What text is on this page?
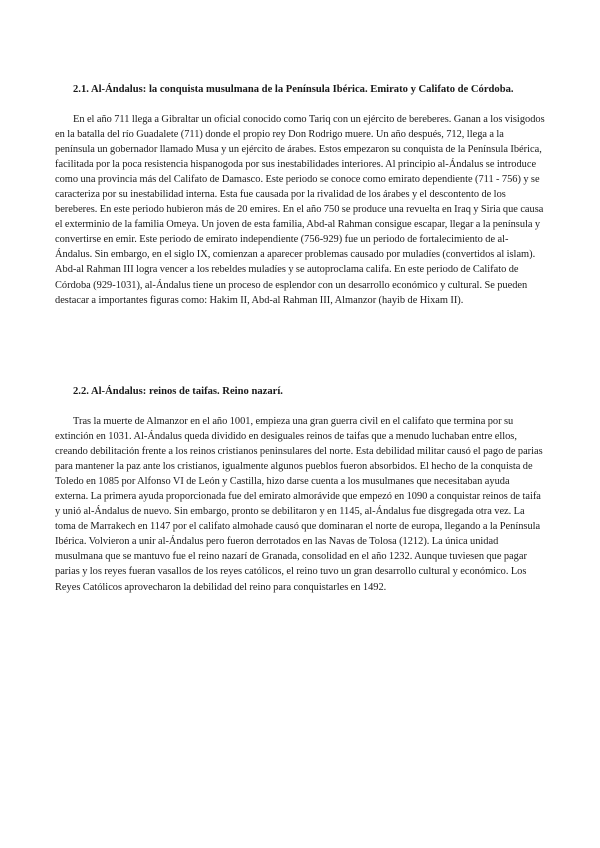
2.1. Al-Ándalus: la conquista musulmana de la Península Ibérica. Emirato y Califato de Córdoba.

En el año 711 llega a Gibraltar un oficial conocido como Tariq con un ejército de bereberes. Ganan a los visigodos en la batalla del río Guadalete (711) donde el propio rey Don Rodrigo muere. Un año después, 712, llega a la península un gobernador llamado Musa y un ejército de árabes. Estos empezaron su conquista de la Península Ibérica, facilitada por la poca resistencia hispanogoda por sus inestabilidades interiores. Al principio al-Ándalus se introduce como una provincia más del Califato de Damasco. Este periodo se conoce como emirato dependiente (711 - 756) y se caracteriza por su inestabilidad interna. Esta fue causada por la rivalidad de los árabes y el descontento de los bereberes. En este periodo hubieron más de 20 emires. En el año 750 se produce una revuelta en Iraq y Siria que causa el exterminio de la familia Omeya. Un joven de esta familia, Abd-al Rahman consigue escapar, llegar a la península y convertirse en emir. Este periodo de emirato independiente (756-929) fue un periodo de fortalecimiento de al-Ándalus. Sin embargo, en el siglo IX, comienzan a aparecer problemas causado por muladíes (convertidos al islam). Abd-al Rahman III logra vencer a los rebeldes muladíes y se autoproclama califa. En este periodo de Califato de Córdoba (929-1031), al-Ándalus tiene un proceso de esplendor con un desarrollo económico y cultural. Se pueden destacar a importantes figuras como: Hakim II, Abd-al Rahman III, Almanzor (hayib de Hixam II).

2.2. Al-Ándalus: reinos de taifas. Reino nazarí.

Tras la muerte de Almanzor en el año 1001, empieza una gran guerra civil en el califato que termina por su extinción en 1031. Al-Ándalus queda dividido en desiguales reinos de taifas que a menudo luchaban entre ellos, creando debilitación frente a los reinos cristianos peninsulares del norte. Esta debilidad militar causó el pago de parias para mantener la paz ante los cristianos, igualmente algunos pueblos fueron absorbidos. El hecho de la conquista de Toledo en 1085 por Alfonso VI de León y Castilla, hizo darse cuenta a los musulmanes que necesitaban ayuda externa. La primera ayuda proporcionada fue del emirato almorávide que empezó en 1090 a conquistar reinos de taifa y unió al-Ándalus de nuevo. Sin embargo, pronto se debilitaron y en 1145, al-Ándalus fue disgregada otra vez. La toma de Marrakech en 1147 por el califato almohade causó que dominaran el norte de europa, llegando a la Península Ibérica. Volvieron a unir al-Ándalus pero fueron derrotados en las Navas de Tolosa (1212). La única unidad musulmana que se mantuvo fue el reino nazarí de Granada, consolidad en el año 1232. Aunque tuviesen que pagar parias y los reyes fueran vasallos de los reyes católicos, el reino tuvo un gran desarrollo cultural y económico. Los Reyes Católicos aprovecharon la debilidad del reino para conquistarles en 1492.
